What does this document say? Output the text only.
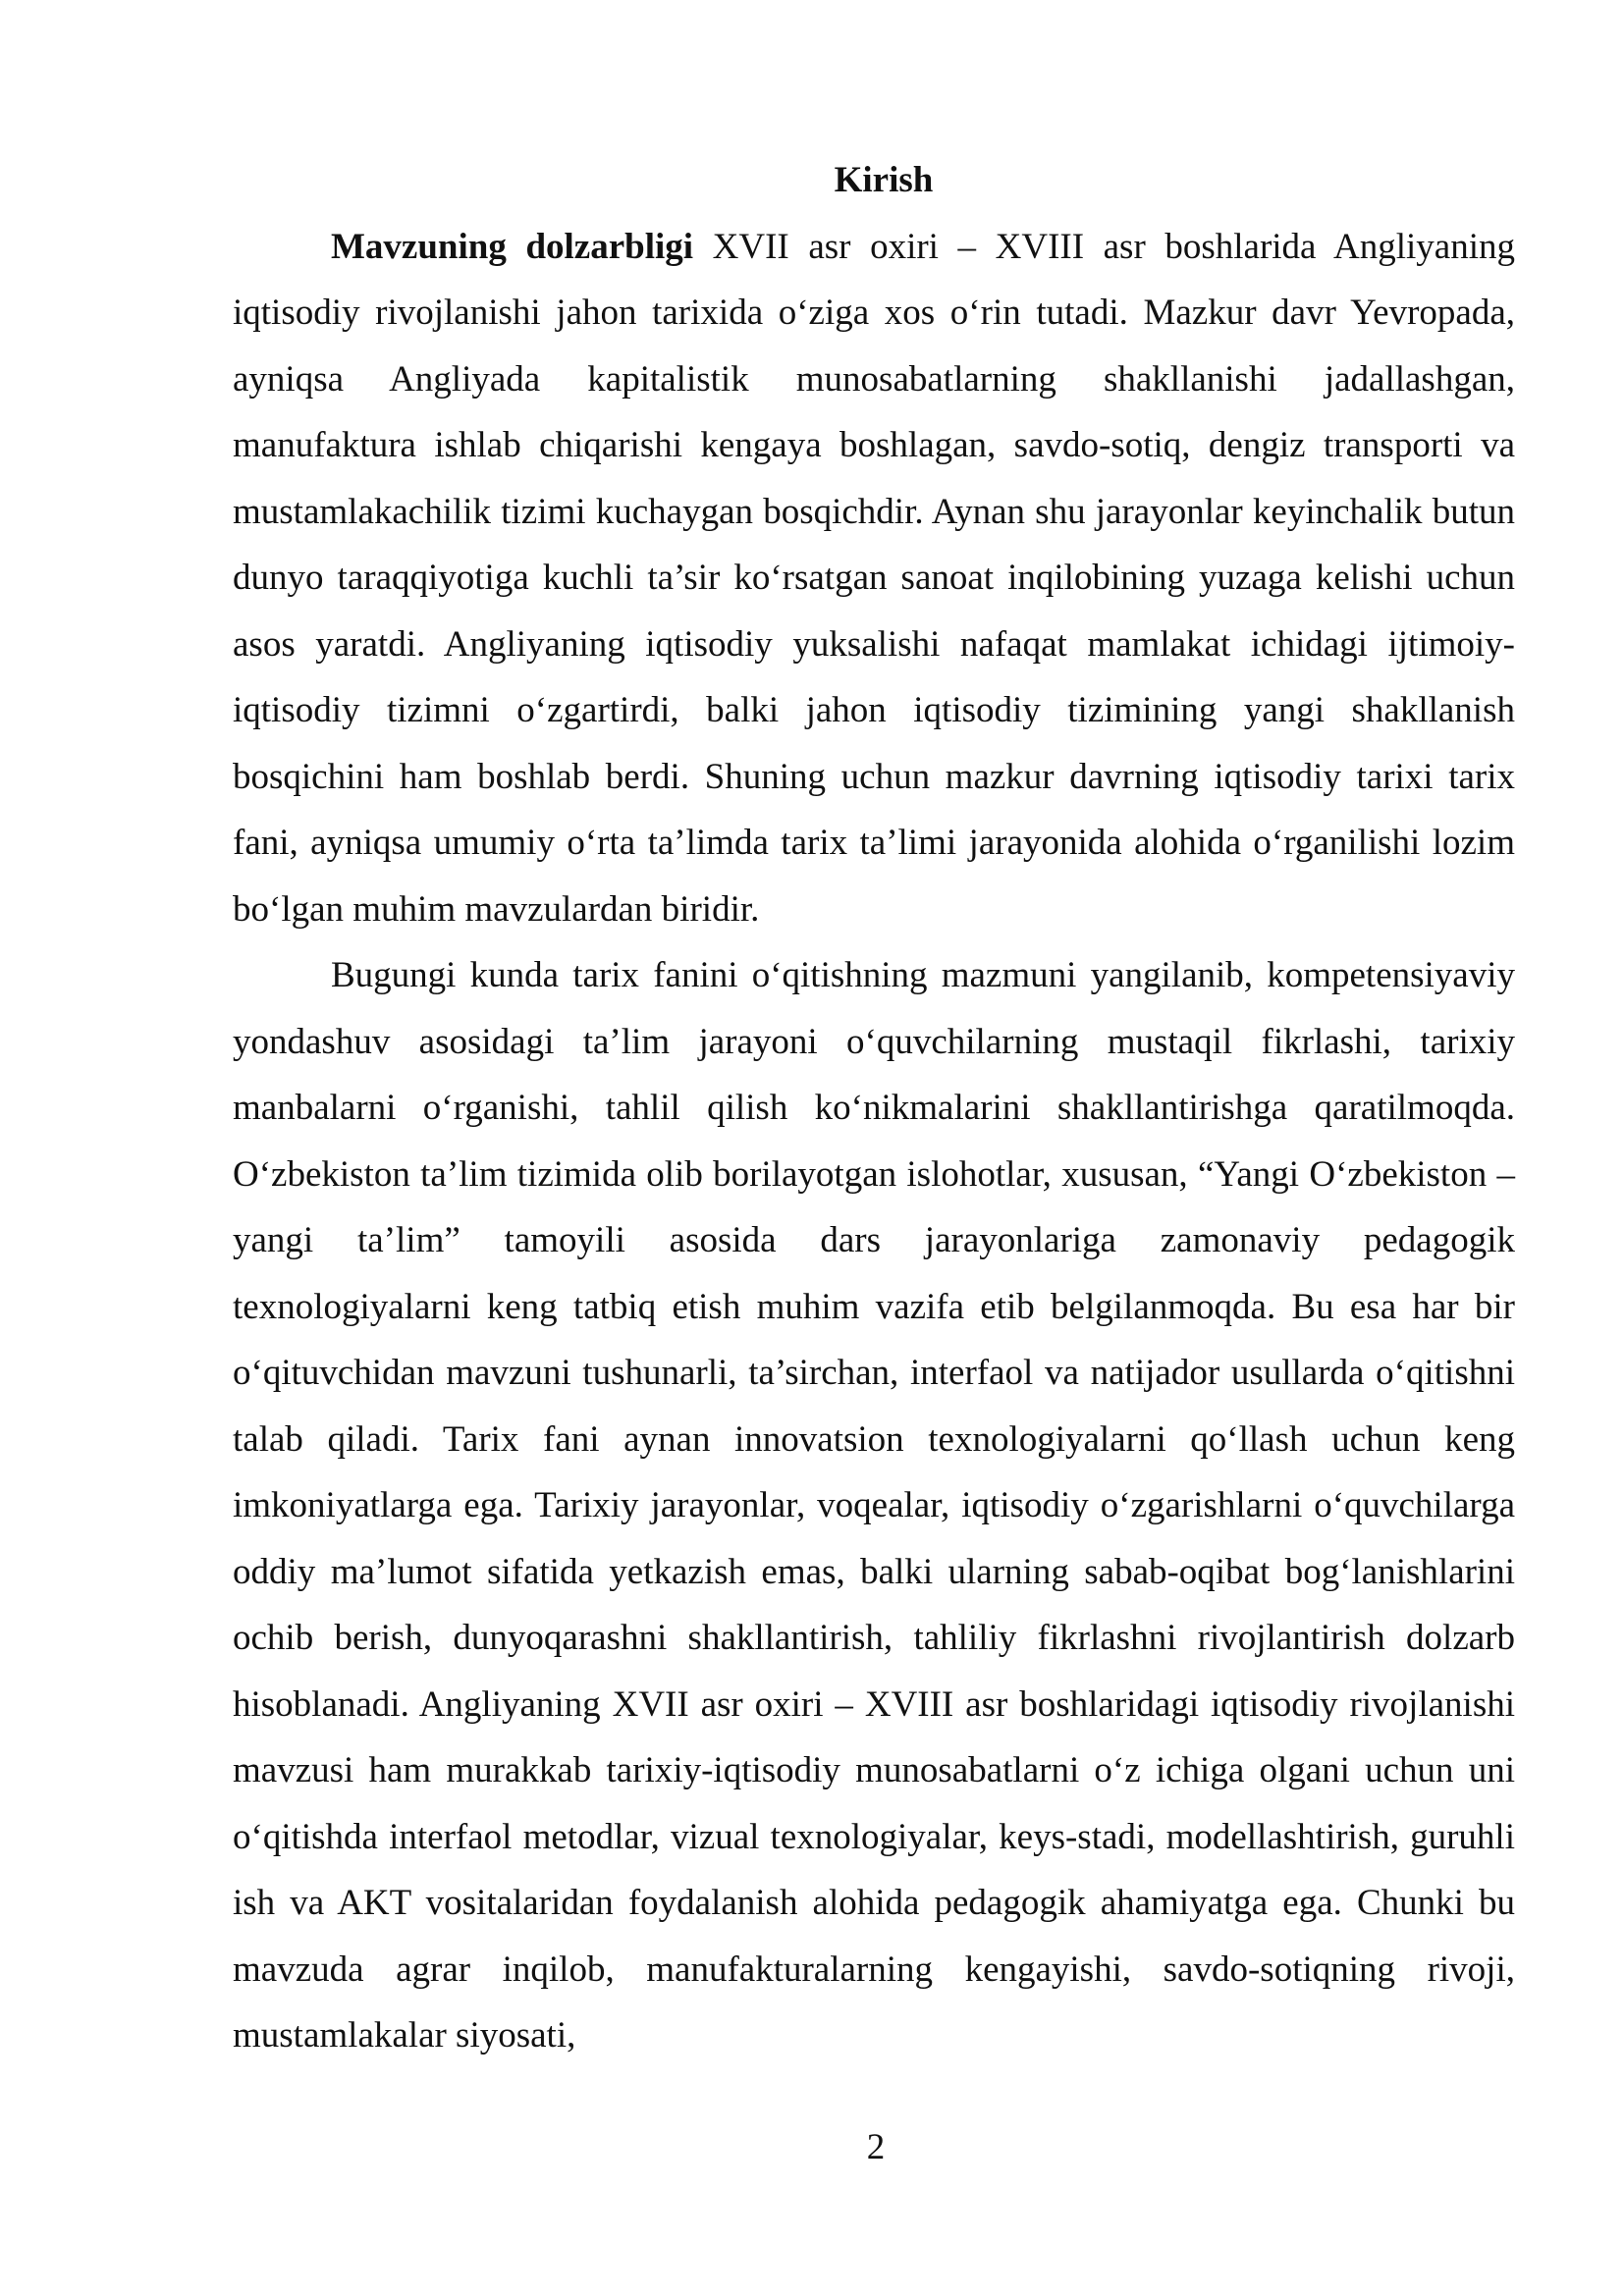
Kirish

Mavzuning dolzarbligi XVII asr oxiri – XVIII asr boshlarida Angliyaning iqtisodiy rivojlanishi jahon tarixida o‘ziga xos o‘rin tutadi. Mazkur davr Yevropada, ayniqsa Angliyada kapitalistik munosabatlarning shakllanishi jadallashgan, manufaktura ishlab chiqarishi kengaya boshlagan, savdo-sotiq, dengiz transporti va mustamlakachilik tizimi kuchaygan bosqichdir. Aynan shu jarayonlar keyinchalik butun dunyo taraqqiyotiga kuchli ta’sir ko‘rsatgan sanoat inqilobining yuzaga kelishi uchun asos yaratdi. Angliyaning iqtisodiy yuksalishi nafaqat mamlakat ichidagi ijtimoiy-iqtisodiy tizimni o‘zgartirdi, balki jahon iqtisodiy tizimining yangi shakllanish bosqichini ham boshlab berdi. Shuning uchun mazkur davrning iqtisodiy tarixi tarix fani, ayniqsa umumiy o‘rta ta’limda tarix ta’limi jarayonida alohida o‘rganilishi lozim bo‘lgan muhim mavzulardan biridir.

Bugungi kunda tarix fanini o‘qitishning mazmuni yangilanib, kompetensiyaviy yondashuv asosidagi ta’lim jarayoni o‘quvchilarning mustaqil fikrlashi, tarixiy manbalarni o‘rganishi, tahlil qilish ko‘nikmalarini shakllantirishga qaratilmoqda. O‘zbekiston ta’lim tizimida olib borilayotgan islohotlar, xususan, “Yangi O‘zbekiston – yangi ta’lim” tamoyili asosida dars jarayonlariga zamonaviy pedagogik texnologiyalarni keng tatbiq etish muhim vazifa etib belgilanmoqda. Bu esa har bir o‘qituvchidan mavzuni tushunarli, ta’sirchan, interfaol va natijador usullarda o‘qitishni talab qiladi. Tarix fani aynan innovatsion texnologiyalarni qo‘llash uchun keng imkoniyatlarga ega. Tarixiy jarayonlar, voqealar, iqtisodiy o‘zgarishlarni o‘quvchilarga oddiy ma’lumot sifatida yetkazish emas, balki ularning sabab-oqibat bog‘lanishlarini ochib berish, dunyoqarashni shakllantirish, tahliliy fikrlashni rivojlantirish dolzarb hisoblanadi. Angliyaning XVII asr oxiri – XVIII asr boshlaridagi iqtisodiy rivojlanishi mavzusi ham murakkab tarixiy-iqtisodiy munosabatlarni o‘z ichiga olgani uchun uni o‘qitishda interfaol metodlar, vizual texnologiyalar, keys-stadi, modellashtirish, guruhli ish va AKT vositalaridan foydalanish alohida pedagogik ahamiyatga ega. Chunki bu mavzuda agrar inqilob, manufakturalarning kengayishi, savdo-sotiqning rivoji, mustamlakalar siyosati,

2
